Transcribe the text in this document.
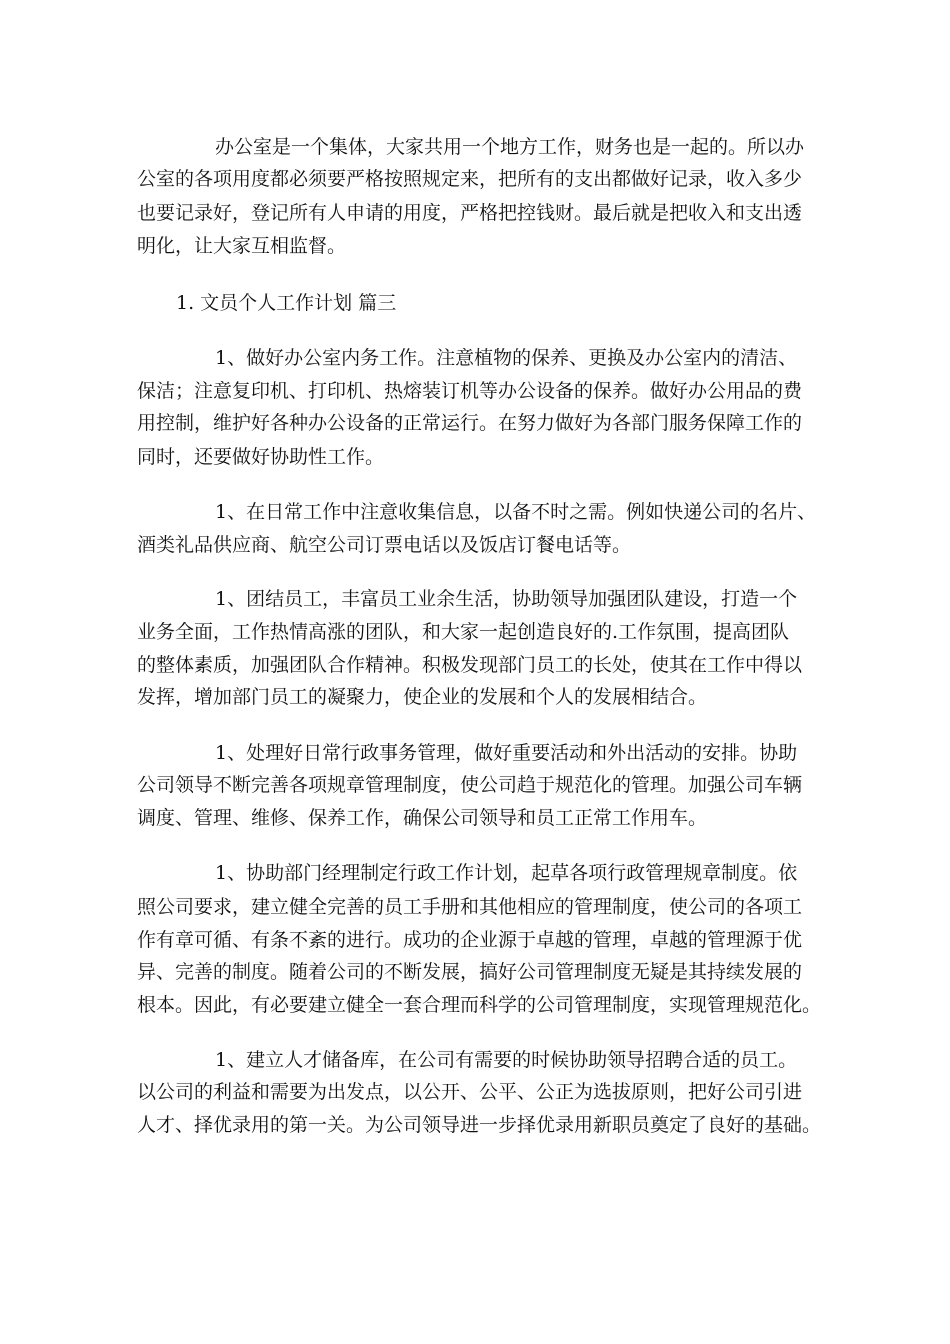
办公室是一个集体，大家共用一个地方工作，财务也是一起的。所以办

公室的各项用度都必须要严格按照规定来，把所有的支出都做好记录，收入多少

也要记录好，登记所有人申请的用度，严格把控钱财。最后就是把收入和支出透

明化，让大家互相监督。

1. 文员个人工作计划 篇三

1、做好办公室内务工作。注意植物的保养、更换及办公室内的清洁、

保洁；注意复印机、打印机、热熔装订机等办公设备的保养。做好办公用品的费

用控制，维护好各种办公设备的正常运行。在努力做好为各部门服务保障工作的

同时，还要做好协助性工作。

1、在日常工作中注意收集信息，以备不时之需。例如快递公司的名片、

酒类礼品供应商、航空公司订票电话以及饭店订餐电话等。

1、团结员工，丰富员工业余生活，协助领导加强团队建设，打造一个

业务全面，工作热情高涨的团队，和大家一起创造良好的.工作氛围，提高团队

的整体素质，加强团队合作精神。积极发现部门员工的长处，使其在工作中得以

发挥，增加部门员工的凝聚力，使企业的发展和个人的发展相结合。

1、处理好日常行政事务管理，做好重要活动和外出活动的安排。协助

公司领导不断完善各项规章管理制度，使公司趋于规范化的管理。加强公司车辆

调度、管理、维修、保养工作，确保公司领导和员工正常工作用车。

1、协助部门经理制定行政工作计划，起草各项行政管理规章制度。依

照公司要求，建立健全完善的员工手册和其他相应的管理制度，使公司的各项工

作有章可循、有条不紊的进行。成功的企业源于卓越的管理，卓越的管理源于优

异、完善的制度。随着公司的不断发展，搞好公司管理制度无疑是其持续发展的

根本。因此，有必要建立健全一套合理而科学的公司管理制度，实现管理规范化。

1、建立人才储备库，在公司有需要的时候协助领导招聘合适的员工。

以公司的利益和需要为出发点，以公开、公平、公正为选拔原则，把好公司引进

人才、择优录用的第一关。为公司领导进一步择优录用新职员奠定了良好的基础。
